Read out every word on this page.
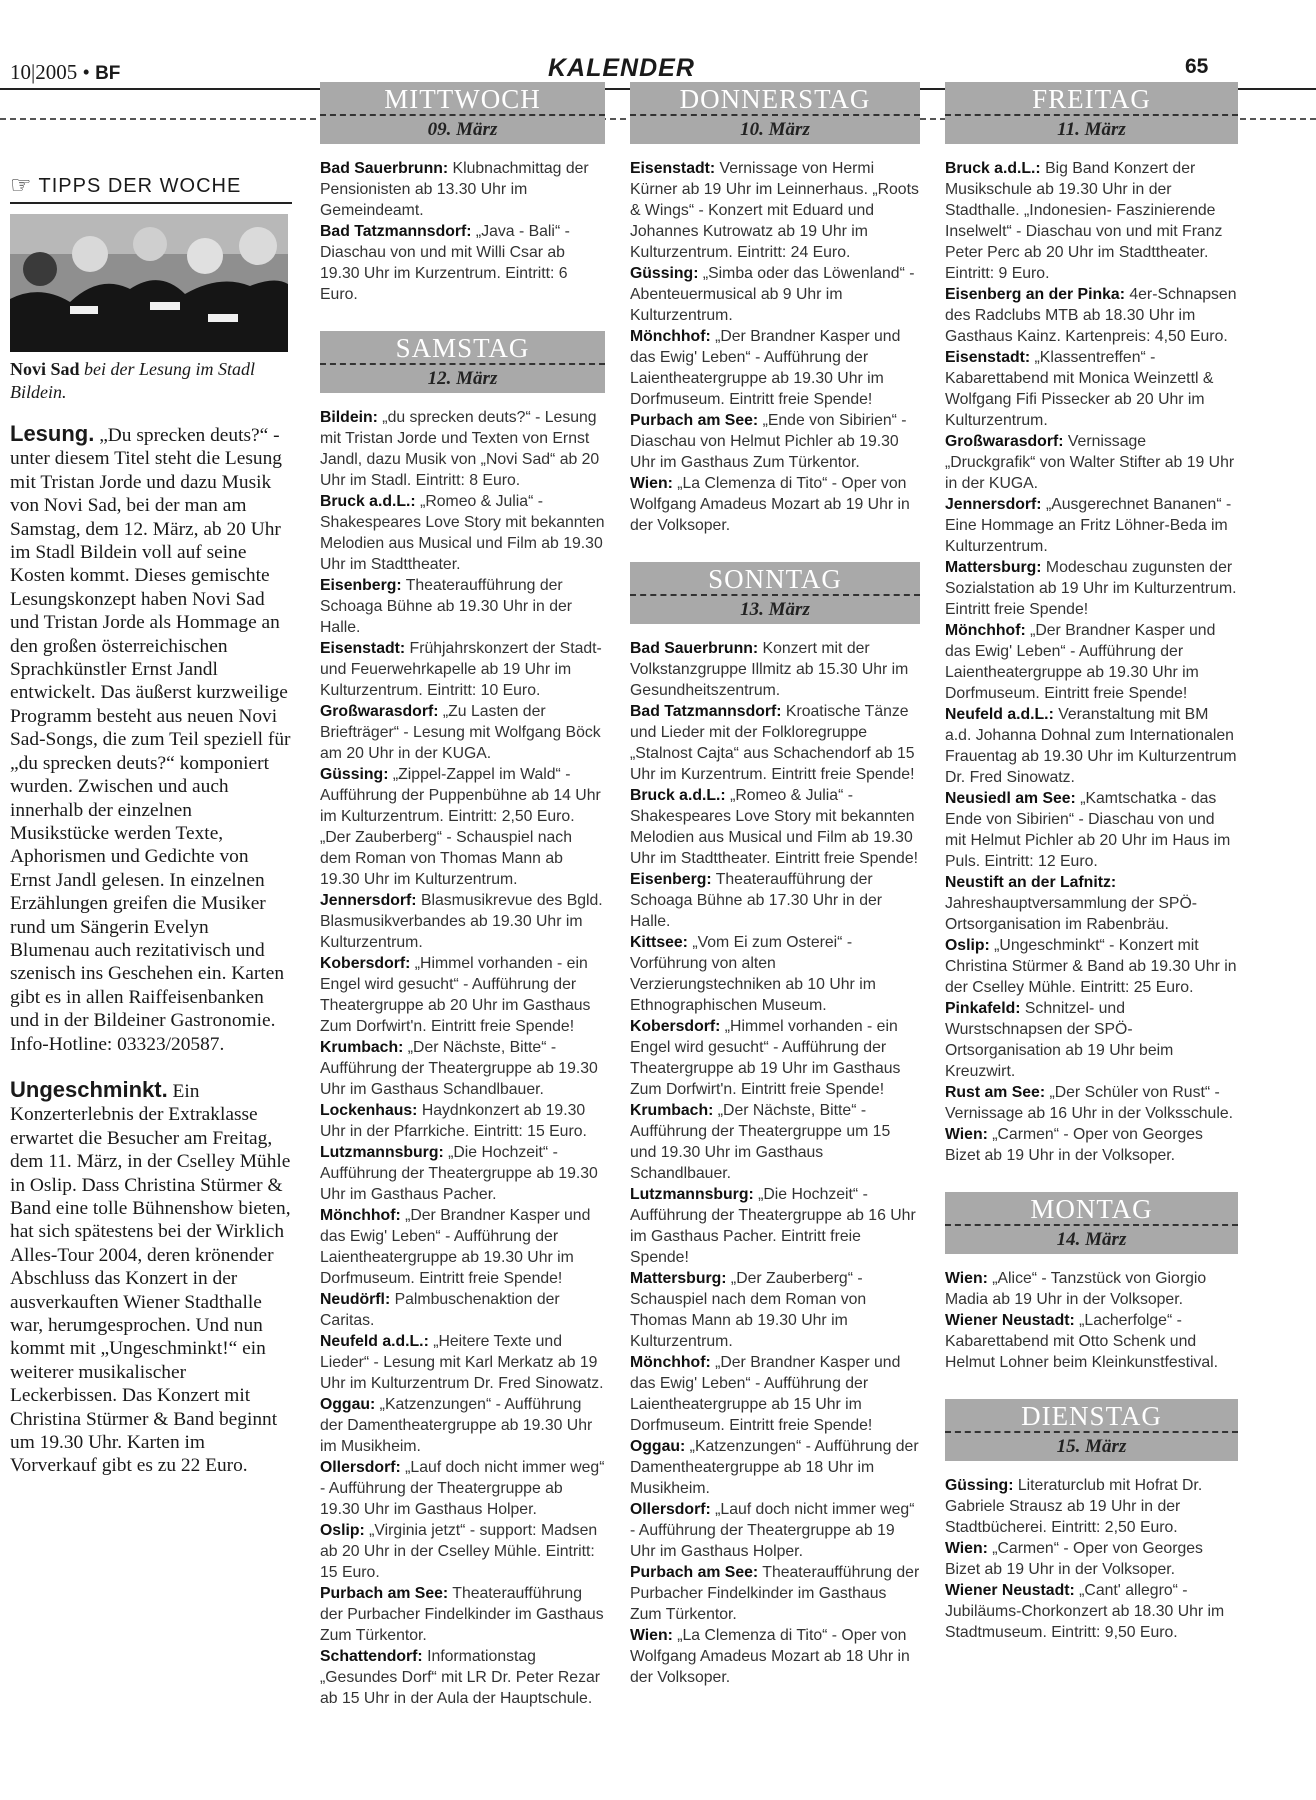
10|2005 • BF	KALENDER	65
☞ TIPPS DER WOCHE
Novi Sad bei der Lesung im Stadl Bildein.
Lesung. „Du sprecken deuts?“ - unter diesem Titel steht die Lesung mit Tristan Jorde und dazu Musik von Novi Sad, bei der man am Samstag, dem 12. März, ab 20 Uhr im Stadl Bildein voll auf seine Kosten kommt. Dieses gemischte Lesungskonzept haben Novi Sad und Tristan Jorde als Hommage an den großen österreichischen Sprachkünstler Ernst Jandl entwickelt. Das äußerst kurzweilige Programm besteht aus neuen Novi Sad-Songs, die zum Teil speziell für „du sprecken deuts?“ komponiert wurden. Zwischen und auch innerhalb der einzelnen Musikstücke werden Texte, Aphorismen und Gedichte von Ernst Jandl gelesen. In einzelnen Erzählungen greifen die Musiker rund um Sängerin Evelyn Blumenau auch rezitativisch und szenisch ins Geschehen ein. Karten gibt es in allen Raiffeisenbanken und in der Bildeiner Gastronomie. Info-Hotline: 03323/20587.
Ungeschminkt. Ein Konzerterlebnis der Extraklasse erwartet die Besucher am Freitag, dem 11. März, in der Cselley Mühle in Oslip. Dass Christina Stürmer & Band eine tolle Bühnenshow bieten, hat sich spätestens bei der Wirklich Alles-Tour 2004, deren krönender Abschluss das Konzert in der ausverkauften Wiener Stadthalle war, herumgesprochen. Und nun kommt mit „Ungeschminkt!“ ein weiterer musikalischer Leckerbissen. Das Konzert mit Christina Stürmer & Band beginnt um 19.30 Uhr. Karten im Vorverkauf gibt es zu 22 Euro.
MITTWOCH
09. März
Bad Sauerbrunn: Klubnachmittag der Pensionisten ab 13.30 Uhr im Gemeindeamt.
Bad Tatzmannsdorf: „Java - Bali“ - Diaschau von und mit Willi Csar ab 19.30 Uhr im Kurzentrum. Eintritt: 6 Euro.
SAMSTAG
12. März
Bildein: „du sprecken deuts?“ - Lesung mit Tristan Jorde und Texten von Ernst Jandl, dazu Musik von „Novi Sad“ ab 20 Uhr im Stadl. Eintritt: 8 Euro.
Bruck a.d.L.: „Romeo & Julia“ - Shakespeares Love Story mit bekannten Melodien aus Musical und Film ab 19.30 Uhr im Stadttheater.
Eisenberg: Theateraufführung der Schoaga Bühne ab 19.30 Uhr in der Halle.
Eisenstadt: Frühjahrskonzert der Stadt- und Feuerwehrkapelle ab 19 Uhr im Kulturzentrum. Eintritt: 10 Euro.
Großwarasdorf: „Zu Lasten der Briefträger“ - Lesung mit Wolfgang Böck am 20 Uhr in der KUGA.
Güssing: „Zippel-Zappel im Wald“ - Aufführung der Puppenbühne ab 14 Uhr im Kulturzentrum. Eintritt: 2,50 Euro. „Der Zauberberg“ - Schauspiel nach dem Roman von Thomas Mann ab 19.30 Uhr im Kulturzentrum.
Jennersdorf: Blasmusikrevue des Bgld. Blasmusikverbandes ab 19.30 Uhr im Kulturzentrum.
Kobersdorf: „Himmel vorhanden - ein Engel wird gesucht“ - Aufführung der Theatergruppe ab 20 Uhr im Gasthaus Zum Dorfwirt'n. Eintritt freie Spende!
Krumbach: „Der Nächste, Bitte“ - Aufführung der Theatergruppe ab 19.30 Uhr im Gasthaus Schandlbauer.
Lockenhaus: Haydnkonzert ab 19.30 Uhr in der Pfarrkiche. Eintritt: 15 Euro.
Lutzmannsburg: „Die Hochzeit“ - Aufführung der Theatergruppe ab 19.30 Uhr im Gasthaus Pacher.
Mönchhof: „Der Brandner Kasper und das Ewig' Leben“ - Aufführung der Laientheatergruppe ab 19.30 Uhr im Dorfmuseum. Eintritt freie Spende!
Neudörfl: Palmbuschenaktion der Caritas.
Neufeld a.d.L.: „Heitere Texte und Lieder“ - Lesung mit Karl Merkatz ab 19 Uhr im Kulturzentrum Dr. Fred Sinowatz.
Oggau: „Katzenzungen“ - Aufführung der Damentheatergruppe ab 19.30 Uhr im Musikheim.
Ollersdorf: „Lauf doch nicht immer weg“ - Aufführung der Theatergruppe ab 19.30 Uhr im Gasthaus Holper.
Oslip: „Virginia jetzt“ - support: Madsen ab 20 Uhr in der Cselley Mühle. Eintritt: 15 Euro.
Purbach am See: Theateraufführung der Purbacher Findelkinder im Gasthaus Zum Türkentor.
Schattendorf: Informationstag „Gesundes Dorf“ mit LR Dr. Peter Rezar ab 15 Uhr in der Aula der Hauptschule.
DONNERSTAG
10. März
Eisenstadt: Vernissage von Hermi Kürner ab 19 Uhr im Leinnerhaus. „Roots & Wings“ - Konzert mit Eduard und Johannes Kutrowatz ab 19 Uhr im Kulturzentrum. Eintritt: 24 Euro.
Güssing: „Simba oder das Löwenland“ - Abenteuermusical ab 9 Uhr im Kulturzentrum.
Mönchhof: „Der Brandner Kasper und das Ewig' Leben“ - Aufführung der Laientheatergruppe ab 19.30 Uhr im Dorfmuseum. Eintritt freie Spende!
Purbach am See: „Ende von Sibirien“ - Diaschau von Helmut Pichler ab 19.30 Uhr im Gasthaus Zum Türkentor.
Wien: „La Clemenza di Tito“ - Oper von Wolfgang Amadeus Mozart ab 19 Uhr in der Volksoper.
SONNTAG
13. März
Bad Sauerbrunn: Konzert mit der Volkstanzgruppe Illmitz ab 15.30 Uhr im Gesundheitszentrum.
Bad Tatzmannsdorf: Kroatische Tänze und Lieder mit der Folkloregruppe „Stalnost Cajta“ aus Schachendorf ab 15 Uhr im Kurzentrum. Eintritt freie Spende!
Bruck a.d.L.: „Romeo & Julia“ - Shakespeares Love Story mit bekannten Melodien aus Musical und Film ab 19.30 Uhr im Stadttheater. Eintritt freie Spende!
Eisenberg: Theateraufführung der Schoaga Bühne ab 17.30 Uhr in der Halle.
Kittsee: „Vom Ei zum Osterei“ - Vorführung von alten Verzierungstechniken ab 10 Uhr im Ethnographischen Museum.
Kobersdorf: „Himmel vorhanden - ein Engel wird gesucht“ - Aufführung der Theatergruppe ab 19 Uhr im Gasthaus Zum Dorfwirt'n. Eintritt freie Spende!
Krumbach: „Der Nächste, Bitte“ - Aufführung der Theatergruppe um 15 und 19.30 Uhr im Gasthaus Schandlbauer.
Lutzmannsburg: „Die Hochzeit“ - Aufführung der Theatergruppe ab 16 Uhr im Gasthaus Pacher. Eintritt freie Spende!
Mattersburg: „Der Zauberberg“ - Schauspiel nach dem Roman von Thomas Mann ab 19.30 Uhr im Kulturzentrum.
Mönchhof: „Der Brandner Kasper und das Ewig' Leben“ - Aufführung der Laientheatergruppe ab 15 Uhr im Dorfmuseum. Eintritt freie Spende!
Oggau: „Katzenzungen“ - Aufführung der Damentheatergruppe ab 18 Uhr im Musikheim.
Ollersdorf: „Lauf doch nicht immer weg“ - Aufführung der Theatergruppe ab 19 Uhr im Gasthaus Holper.
Purbach am See: Theateraufführung der Purbacher Findelkinder im Gasthaus Zum Türkentor.
Wien: „La Clemenza di Tito“ - Oper von Wolfgang Amadeus Mozart ab 18 Uhr in der Volksoper.
FREITAG
11. März
Bruck a.d.L.: Big Band Konzert der Musikschule ab 19.30 Uhr in der Stadthalle. „Indonesien- Faszinierende Inselwelt“ - Diaschau von und mit Franz Peter Perc ab 20 Uhr im Stadttheater. Eintritt: 9 Euro.
Eisenberg an der Pinka: 4er-Schnapsen des Radclubs MTB ab 18.30 Uhr im Gasthaus Kainz. Kartenpreis: 4,50 Euro.
Eisenstadt: „Klassentreffen“ - Kabarettabend mit Monica Weinzettl & Wolfgang Fifi Pissecker ab 20 Uhr im Kulturzentrum.
Großwarasdorf: Vernissage „Druckgrafik“ von Walter Stifter ab 19 Uhr in der KUGA.
Jennersdorf: „Ausgerechnet Bananen“ - Eine Hommage an Fritz Löhner-Beda im Kulturzentrum.
Mattersburg: Modeschau zugunsten der Sozialstation ab 19 Uhr im Kulturzentrum. Eintritt freie Spende!
Mönchhof: „Der Brandner Kasper und das Ewig' Leben“ - Aufführung der Laientheatergruppe ab 19.30 Uhr im Dorfmuseum. Eintritt freie Spende!
Neufeld a.d.L.: Veranstaltung mit BM a.d. Johanna Dohnal zum Internationalen Frauentag ab 19.30 Uhr im Kulturzentrum Dr. Fred Sinowatz.
Neusiedl am See: „Kamtschatka - das Ende von Sibirien“ - Diaschau von und mit Helmut Pichler ab 20 Uhr im Haus im Puls. Eintritt: 12 Euro.
Neustift an der Lafnitz: Jahreshauptversammlung der SPÖ-Ortsorganisation im Rabenbräu.
Oslip: „Ungeschminkt“ - Konzert mit Christina Stürmer & Band ab 19.30 Uhr in der Cselley Mühle. Eintritt: 25 Euro.
Pinkafeld: Schnitzel- und Wurstschnapsen der SPÖ-Ortsorganisation ab 19 Uhr beim Kreuzwirt.
Rust am See: „Der Schüler von Rust“ - Vernissage ab 16 Uhr in der Volksschule.
Wien: „Carmen“ - Oper von Georges Bizet ab 19 Uhr in der Volksoper.
MONTAG
14. März
Wien: „Alice“ - Tanzstück von Giorgio Madia ab 19 Uhr in der Volksoper.
Wiener Neustadt: „Lacherfolge“ - Kabarettabend mit Otto Schenk und Helmut Lohner beim Kleinkunstfestival.
DIENSTAG
15. März
Güssing: Literaturclub mit Hofrat Dr. Gabriele Strausz ab 19 Uhr in der Stadtbücherei. Eintritt: 2,50 Euro.
Wien: „Carmen“ - Oper von Georges Bizet ab 19 Uhr in der Volksoper.
Wiener Neustadt: „Cant' allegro“ - Jubiläums-Chorkonzert ab 18.30 Uhr im Stadtmuseum. Eintritt: 9,50 Euro.
